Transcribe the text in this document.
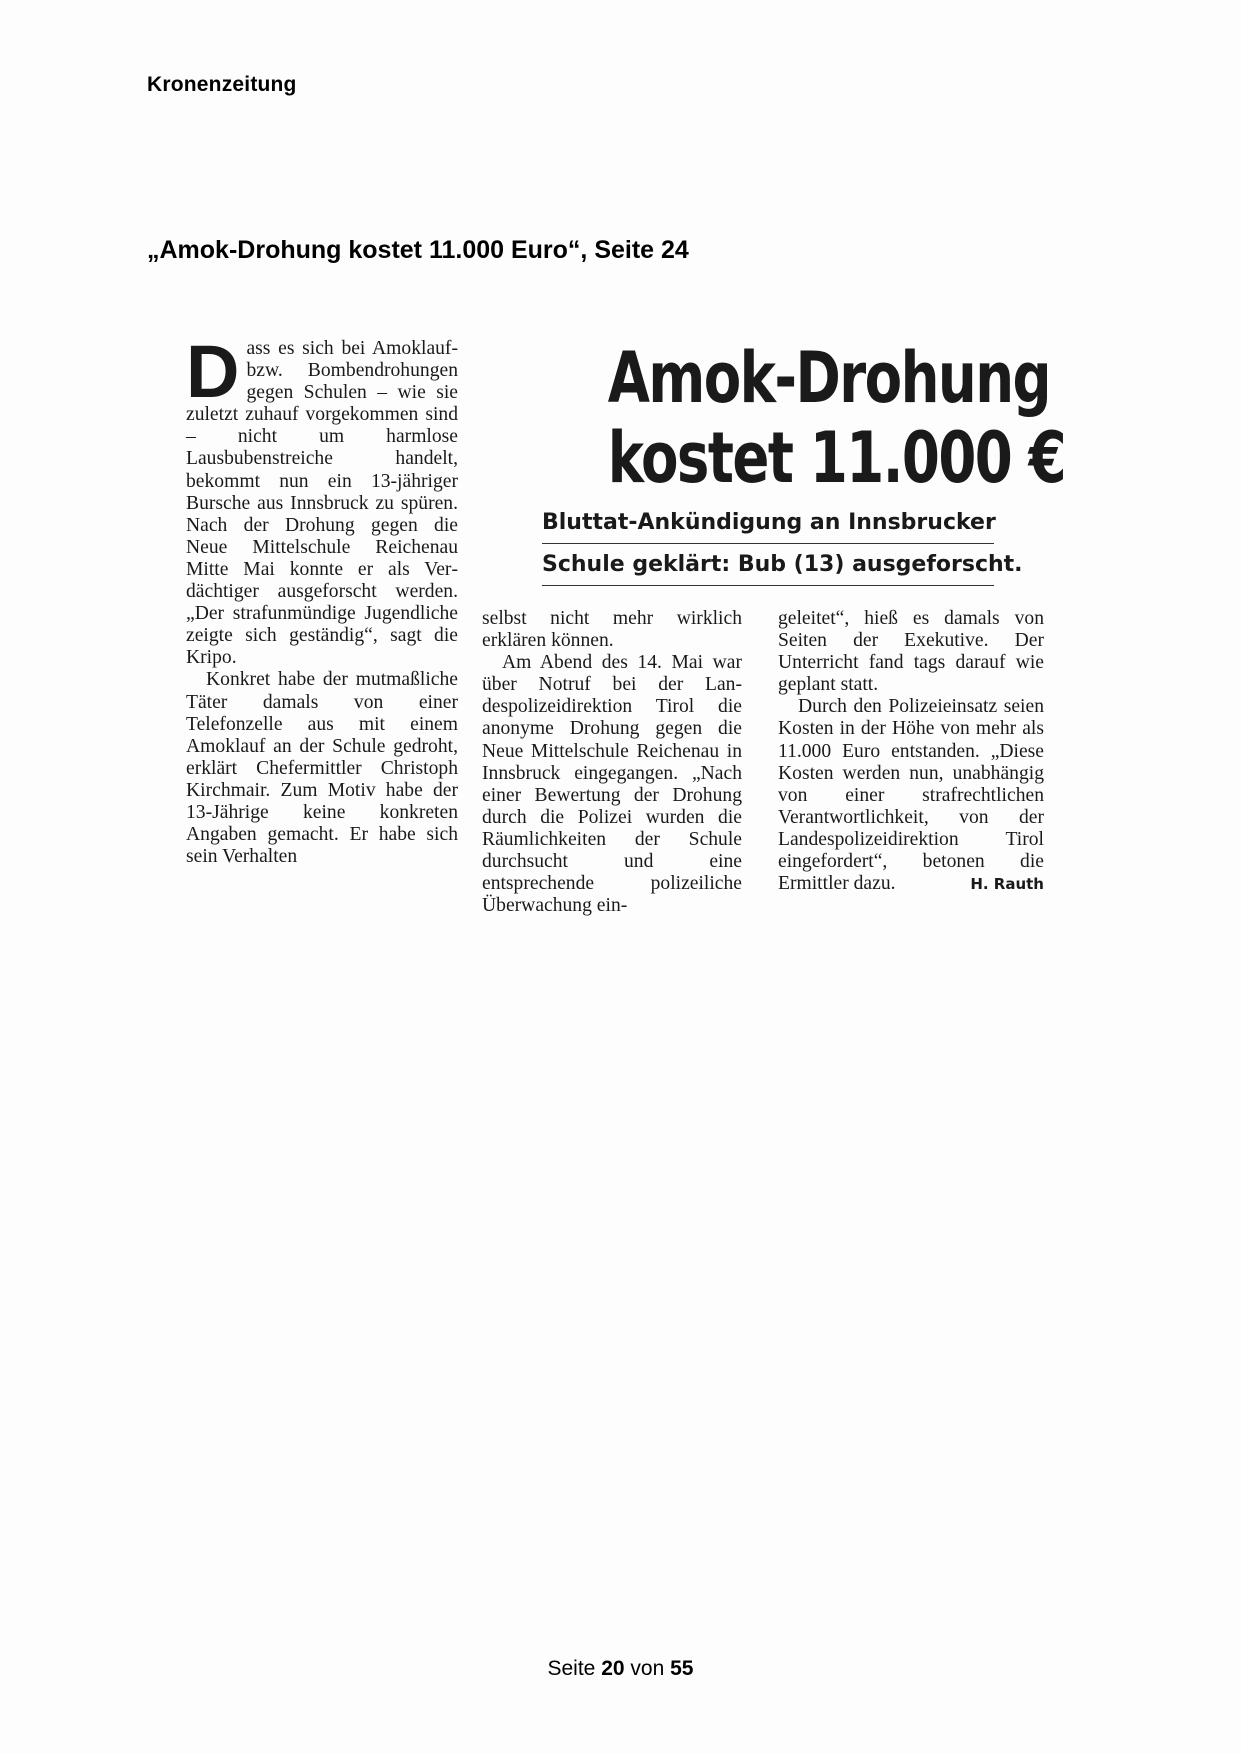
Kronenzeitung
„Amok-Drohung kostet 11.000 Euro“, Seite 24

Dass es sich bei Amoklauf- bzw. Bombendrohungen gegen Schulen – wie sie zuletzt zuhauf vorgekommen sind – nicht um harmlose Lausbubenstreiche handelt, bekommt nun ein 13-jähriger Bursche aus Innsbruck zu spüren. Nach der Drohung gegen die Neue Mittelschule Reichenau Mitte Mai konnte er als Verdächtiger ausgeforscht werden. „Der strafunmündige Jugendliche zeigte sich geständig“, sagt die Kripo.

Konkret habe der mutmaßliche Täter damals von einer Telefonzelle aus mit einem Amoklauf an der Schule gedroht, erklärt Chefermittler Christoph Kirchmair. Zum Motiv habe der 13-Jährige keine konkreten Angaben gemacht. Er habe sich sein Verhalten

Amok-Drohung
kostet 11.000 €
Bluttat-Ankündigung an Innsbrucker
Schule geklärt: Bub (13) ausgeforscht.

selbst nicht mehr wirklich erklären können.

Am Abend des 14. Mai war über Notruf bei der Landespolizeidirektion Tirol die anonyme Drohung gegen die Neue Mittelschule Reichenau in Innsbruck eingegangen. „Nach einer Bewertung der Drohung durch die Polizei wurden die Räumlichkeiten der Schule durchsucht und eine entsprechende polizeiliche Überwachung ein-

geleitet“, hieß es damals von Seiten der Exekutive. Der Unterricht fand tags darauf wie geplant statt.

Durch den Polizeieinsatz seien Kosten in der Höhe von mehr als 11.000 Euro entstanden. „Diese Kosten werden nun, unabhängig von einer strafrechtlichen Verantwortlichkeit, von der Landespolizeidirektion Tirol eingefordert“, betonen die Ermittler dazu.	H. Rauth

Seite 20 von 55
